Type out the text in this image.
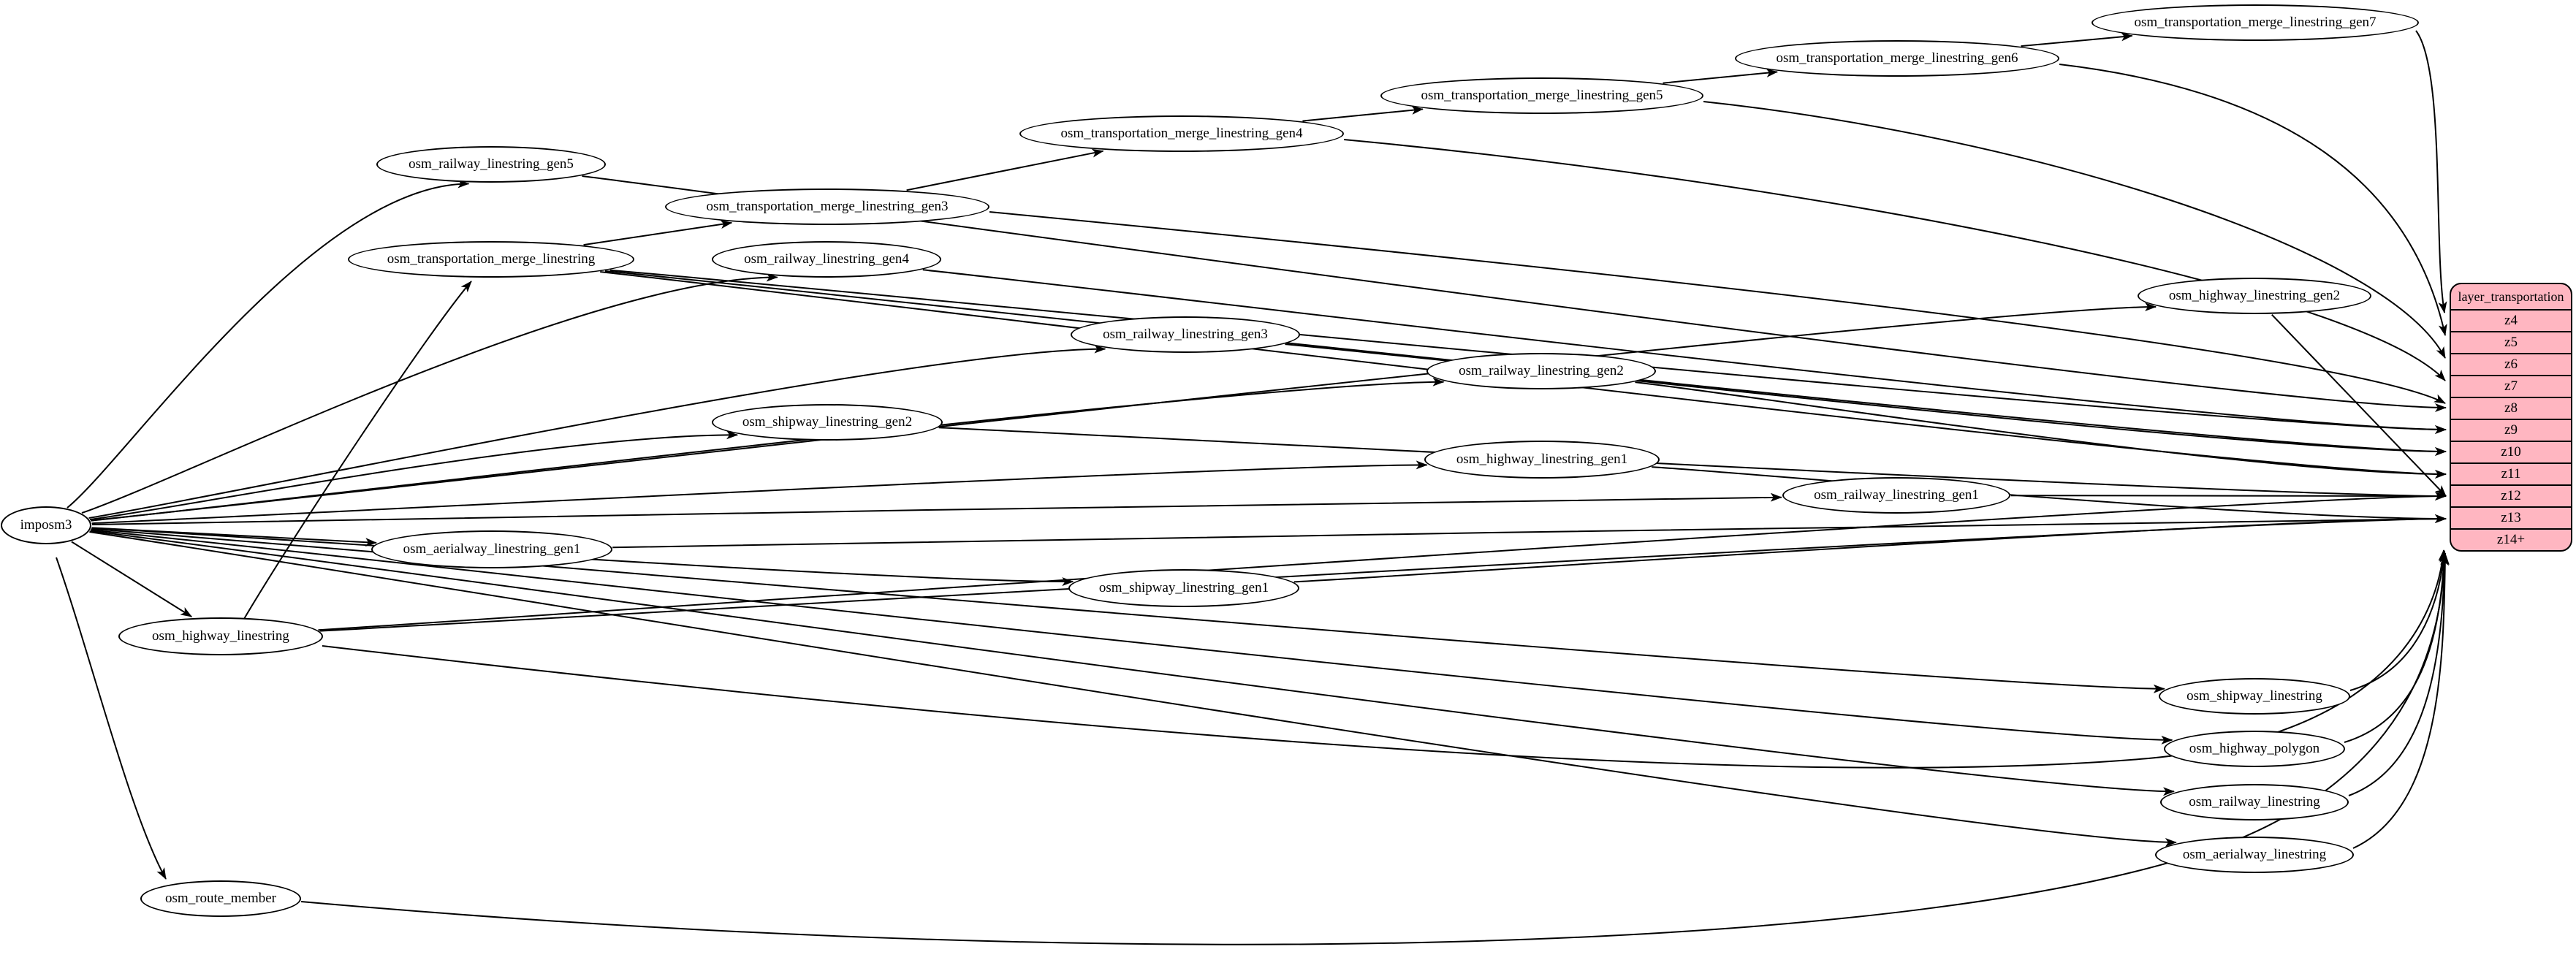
imposm3
osm_railway_linestring_gen5
osm_transportation_merge_linestring
osm_transportation_merge_linestring_gen3
osm_railway_linestring_gen4
osm_shipway_linestring_gen2
osm_transportation_merge_linestring_gen4
osm_railway_linestring_gen3
osm_shipway_linestring_gen1
osm_transportation_merge_linestring_gen5
osm_railway_linestring_gen2
osm_highway_linestring_gen1
osm_transportation_merge_linestring_gen6
osm_railway_linestring_gen1
osm_transportation_merge_linestring_gen7
osm_highway_linestring_gen2
osm_aerialway_linestring_gen1
osm_highway_linestring
osm_shipway_linestring
osm_highway_polygon
osm_railway_linestring
osm_aerialway_linestring
osm_route_member
layer_transportation
z4
z5
z6
z7
z8
z9
z10
z11
z12
z13
z14+
